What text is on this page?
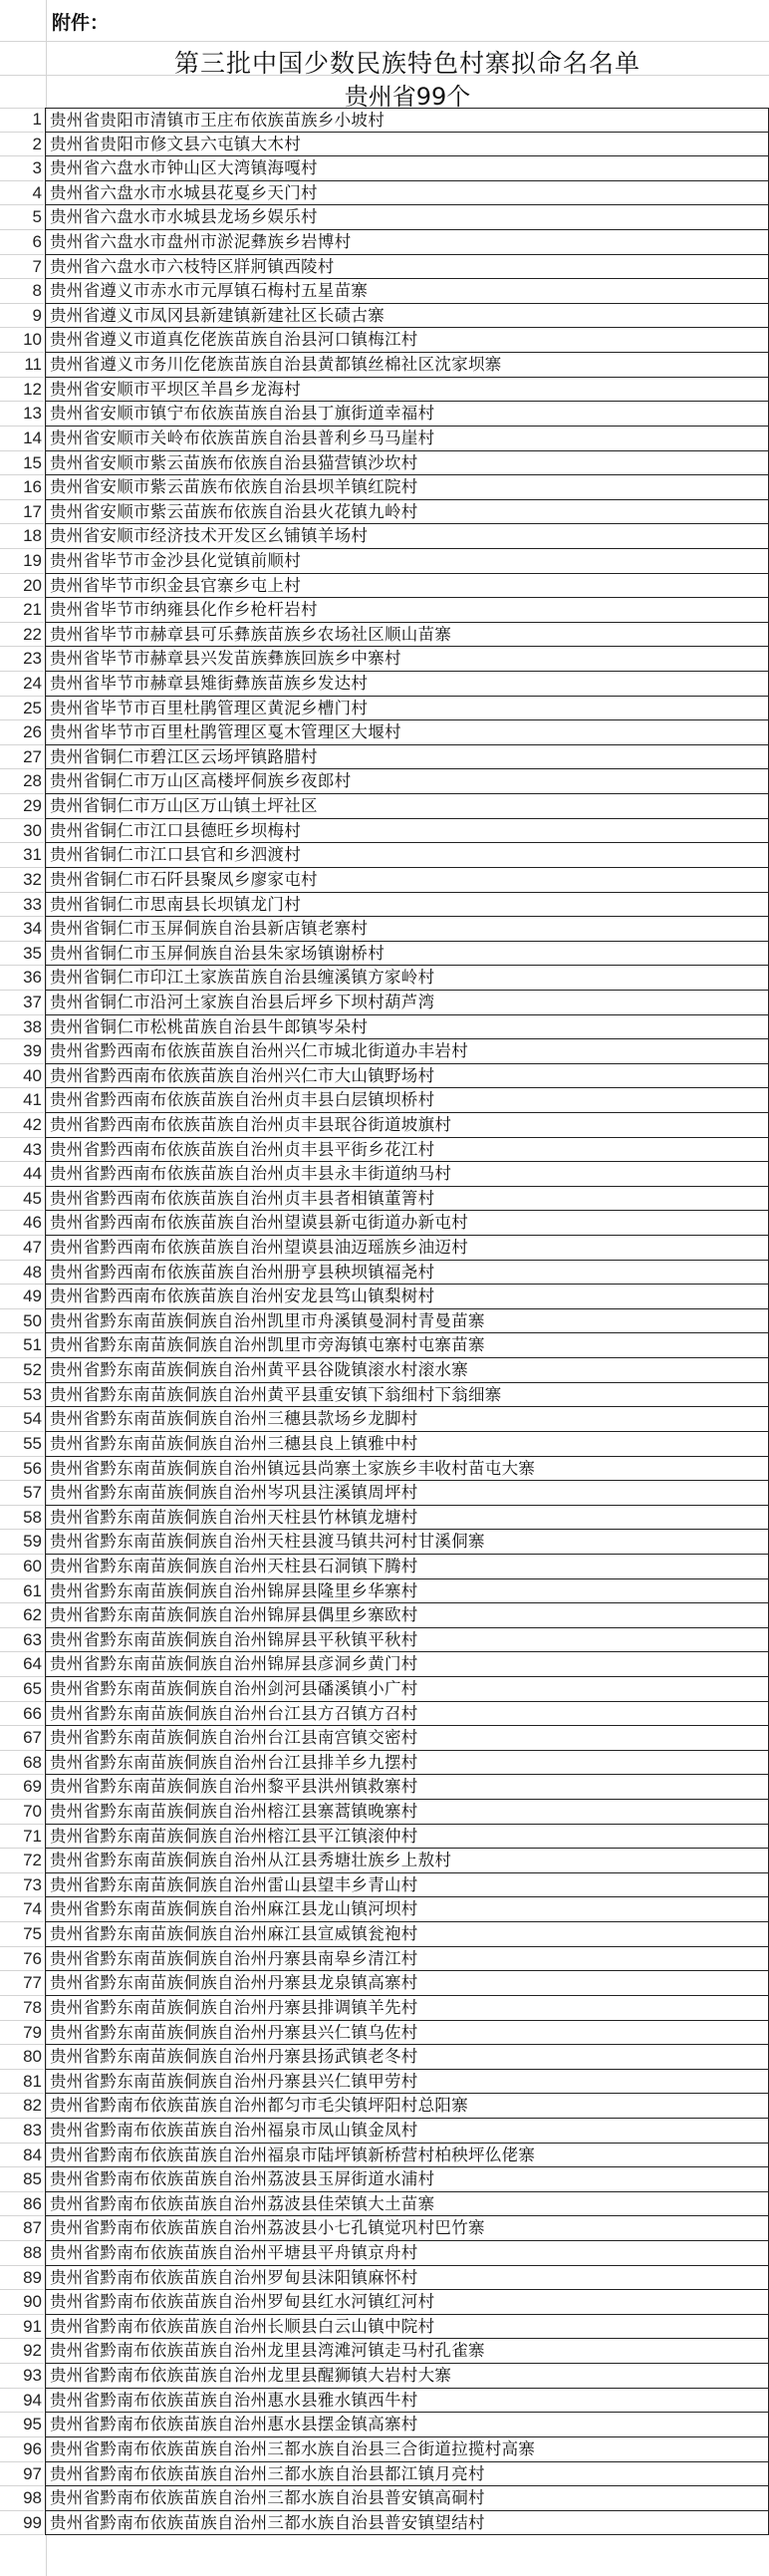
附件：
第三批中国少数民族特色村寨拟命名名单
贵州省99个
1 贵州省贵阳市清镇市王庄布依族苗族乡小坡村
2 贵州省贵阳市修文县六屯镇大木村
3 贵州省六盘水市钟山区大湾镇海嘎村
4 贵州省六盘水市水城县花戛乡天门村
5 贵州省六盘水市水城县龙场乡娱乐村
6 贵州省六盘水市盘州市淤泥彝族乡岩博村
7 贵州省六盘水市六枝特区牂牁镇西陵村
8 贵州省遵义市赤水市元厚镇石梅村五星苗寨
9 贵州省遵义市凤冈县新建镇新建社区长碛古寨
10 贵州省遵义市道真仡佬族苗族自治县河口镇梅江村
11 贵州省遵义市务川仡佬族苗族自治县黄都镇丝棉社区沈家坝寨
12 贵州省安顺市平坝区羊昌乡龙海村
13 贵州省安顺市镇宁布依族苗族自治县丁旗街道幸福村
14 贵州省安顺市关岭布依族苗族自治县普利乡马马崖村
15 贵州省安顺市紫云苗族布依族自治县猫营镇沙坎村
16 贵州省安顺市紫云苗族布依族自治县坝羊镇红院村
17 贵州省安顺市紫云苗族布依族自治县火花镇九岭村
18 贵州省安顺市经济技术开发区幺铺镇羊场村
19 贵州省毕节市金沙县化觉镇前顺村
20 贵州省毕节市织金县官寨乡屯上村
21 贵州省毕节市纳雍县化作乡枪杆岩村
22 贵州省毕节市赫章县可乐彝族苗族乡农场社区顺山苗寨
23 贵州省毕节市赫章县兴发苗族彝族回族乡中寨村
24 贵州省毕节市赫章县雉街彝族苗族乡发达村
25 贵州省毕节市百里杜鹃管理区黄泥乡槽门村
26 贵州省毕节市百里杜鹃管理区戛木管理区大堰村
27 贵州省铜仁市碧江区云场坪镇路腊村
28 贵州省铜仁市万山区高楼坪侗族乡夜郎村
29 贵州省铜仁市万山区万山镇土坪社区
30 贵州省铜仁市江口县德旺乡坝梅村
31 贵州省铜仁市江口县官和乡泗渡村
32 贵州省铜仁市石阡县聚凤乡廖家屯村
33 贵州省铜仁市思南县长坝镇龙门村
34 贵州省铜仁市玉屏侗族自治县新店镇老寨村
35 贵州省铜仁市玉屏侗族自治县朱家场镇谢桥村
36 贵州省铜仁市印江土家族苗族自治县缠溪镇方家岭村
37 贵州省铜仁市沿河土家族自治县后坪乡下坝村葫芦湾
38 贵州省铜仁市松桃苗族自治县牛郎镇岑朵村
39 贵州省黔西南布依族苗族自治州兴仁市城北街道办丰岩村
40 贵州省黔西南布依族苗族自治州兴仁市大山镇野场村
41 贵州省黔西南布依族苗族自治州贞丰县白层镇坝桥村
42 贵州省黔西南布依族苗族自治州贞丰县珉谷街道坡旗村
43 贵州省黔西南布依族苗族自治州贞丰县平街乡花江村
44 贵州省黔西南布依族苗族自治州贞丰县永丰街道纳马村
45 贵州省黔西南布依族苗族自治州贞丰县者相镇董箐村
46 贵州省黔西南布依族苗族自治州望谟县新屯街道办新屯村
47 贵州省黔西南布依族苗族自治州望谟县油迈瑶族乡油迈村
48 贵州省黔西南布依族苗族自治州册亨县秧坝镇福尧村
49 贵州省黔西南布依族苗族自治州安龙县笃山镇梨树村
50 贵州省黔东南苗族侗族自治州凯里市舟溪镇曼洞村青曼苗寨
51 贵州省黔东南苗族侗族自治州凯里市旁海镇屯寨村屯寨苗寨
52 贵州省黔东南苗族侗族自治州黄平县谷陇镇滚水村滚水寨
53 贵州省黔东南苗族侗族自治州黄平县重安镇下翁细村下翁细寨
54 贵州省黔东南苗族侗族自治州三穗县款场乡龙脚村
55 贵州省黔东南苗族侗族自治州三穗县良上镇雅中村
56 贵州省黔东南苗族侗族自治州镇远县尚寨土家族乡丰收村苗屯大寨
57 贵州省黔东南苗族侗族自治州岑巩县注溪镇周坪村
58 贵州省黔东南苗族侗族自治州天柱县竹林镇龙塘村
59 贵州省黔东南苗族侗族自治州天柱县渡马镇共河村甘溪侗寨
60 贵州省黔东南苗族侗族自治州天柱县石洞镇下腾村
61 贵州省黔东南苗族侗族自治州锦屏县隆里乡华寨村
62 贵州省黔东南苗族侗族自治州锦屏县偶里乡寨欧村
63 贵州省黔东南苗族侗族自治州锦屏县平秋镇平秋村
64 贵州省黔东南苗族侗族自治州锦屏县彦洞乡黄门村
65 贵州省黔东南苗族侗族自治州剑河县磻溪镇小广村
66 贵州省黔东南苗族侗族自治州台江县方召镇方召村
67 贵州省黔东南苗族侗族自治州台江县南宫镇交密村
68 贵州省黔东南苗族侗族自治州台江县排羊乡九摆村
69 贵州省黔东南苗族侗族自治州黎平县洪州镇救寨村
70 贵州省黔东南苗族侗族自治州榕江县寨蒿镇晚寨村
71 贵州省黔东南苗族侗族自治州榕江县平江镇滚仲村
72 贵州省黔东南苗族侗族自治州从江县秀塘壮族乡上敖村
73 贵州省黔东南苗族侗族自治州雷山县望丰乡青山村
74 贵州省黔东南苗族侗族自治州麻江县龙山镇河坝村
75 贵州省黔东南苗族侗族自治州麻江县宣威镇瓮袍村
76 贵州省黔东南苗族侗族自治州丹寨县南皋乡清江村
77 贵州省黔东南苗族侗族自治州丹寨县龙泉镇高寨村
78 贵州省黔东南苗族侗族自治州丹寨县排调镇羊先村
79 贵州省黔东南苗族侗族自治州丹寨县兴仁镇乌佐村
80 贵州省黔东南苗族侗族自治州丹寨县扬武镇老冬村
81 贵州省黔东南苗族侗族自治州丹寨县兴仁镇甲劳村
82 贵州省黔南布依族苗族自治州都匀市毛尖镇坪阳村总阳寨
83 贵州省黔南布依族苗族自治州福泉市凤山镇金凤村
84 贵州省黔南布依族苗族自治州福泉市陆坪镇新桥营村柏秧坪仫佬寨
85 贵州省黔南布依族苗族自治州荔波县玉屏街道水浦村
86 贵州省黔南布依族苗族自治州荔波县佳荣镇大土苗寨
87 贵州省黔南布依族苗族自治州荔波县小七孔镇觉巩村巴竹寨
88 贵州省黔南布依族苗族自治州平塘县平舟镇京舟村
89 贵州省黔南布依族苗族自治州罗甸县沫阳镇麻怀村
90 贵州省黔南布依族苗族自治州罗甸县红水河镇红河村
91 贵州省黔南布依族苗族自治州长顺县白云山镇中院村
92 贵州省黔南布依族苗族自治州龙里县湾滩河镇走马村孔雀寨
93 贵州省黔南布依族苗族自治州龙里县醒狮镇大岩村大寨
94 贵州省黔南布依族苗族自治州惠水县雅水镇西牛村
95 贵州省黔南布依族苗族自治州惠水县摆金镇高寨村
96 贵州省黔南布依族苗族自治州三都水族自治县三合街道拉揽村高寨
97 贵州省黔南布依族苗族自治州三都水族自治县都江镇月亮村
98 贵州省黔南布依族苗族自治州三都水族自治县普安镇高硐村
99 贵州省黔南布依族苗族自治州三都水族自治县普安镇望结村
